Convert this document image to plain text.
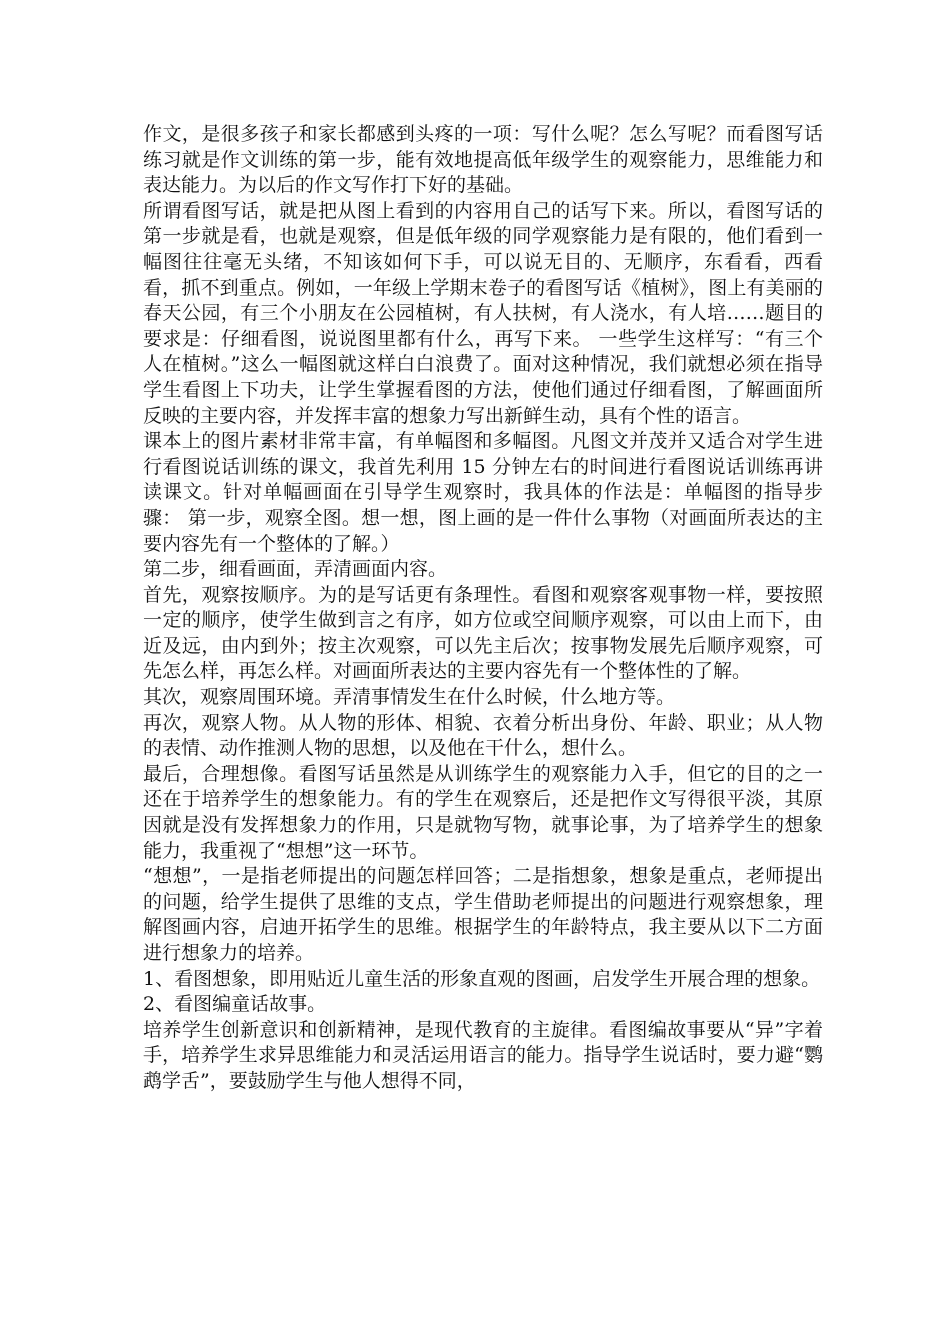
作文，是很多孩子和家长都感到头疼的一项：写什么呢？怎么写呢？而看图写话练习就是作文训练的第一步，能有效地提高低年级学生的观察能力，思维能力和表达能力。为以后的作文写作打下好的基础。

所谓看图写话，就是把从图上看到的内容用自己的话写下来。所以，看图写话的第一步就是看，也就是观察，但是低年级的同学观察能力是有限的，他们看到一幅图往往毫无头绪，不知该如何下手，可以说无目的、无顺序，东看看，西看看，抓不到重点。例如，一年级上学期末卷子的看图写话《植树》，图上有美丽的春天公园，有三个小朋友在公园植树，有人扶树，有人浇水，有人培……题目的要求是：仔细看图，说说图里都有什么，再写下来。 一些学生这样写：“有三个人在植树。”这么一幅图就这样白白浪费了。面对这种情况，我们就想必须在指导学生看图上下功夫，让学生掌握看图的方法，使他们通过仔细看图，了解画面所反映的主要内容，并发挥丰富的想象力写出新鲜生动，具有个性的语言。

课本上的图片素材非常丰富，有单幅图和多幅图。凡图文并茂并又适合对学生进行看图说话训练的课文，我首先利用 15 分钟左右的时间进行看图说话训练再讲读课文。针对单幅画面在引导学生观察时，我具体的作法是：单幅图的指导步骤： 第一步，观察全图。想一想，图上画的是一件什么事物（对画面所表达的主要内容先有一个整体的了解。）

第二步，细看画面，弄清画面内容。

首先，观察按顺序。为的是写话更有条理性。看图和观察客观事物一样，要按照一定的顺序，使学生做到言之有序，如方位或空间顺序观察，可以由上而下，由近及远，由内到外；按主次观察，可以先主后次；按事物发展先后顺序观察，可先怎么样，再怎么样。对画面所表达的主要内容先有一个整体性的了解。

其次，观察周围环境。弄清事情发生在什么时候，什么地方等。

再次，观察人物。从人物的形体、相貌、衣着分析出身份、年龄、职业；从人物的表情、动作推测人物的思想，以及他在干什么，想什么。

最后，合理想像。看图写话虽然是从训练学生的观察能力入手，但它的目的之一还在于培养学生的想象能力。有的学生在观察后，还是把作文写得很平淡，其原因就是没有发挥想象力的作用，只是就物写物，就事论事，为了培养学生的想象能力，我重视了“想想”这一环节。

“想想”，一是指老师提出的问题怎样回答；二是指想象，想象是重点，老师提出的问题，给学生提供了思维的支点，学生借助老师提出的问题进行观察想象，理解图画内容，启迪开拓学生的思维。根据学生的年龄特点，我主要从以下二方面进行想象力的培养。

1、看图想象，即用贴近儿童生活的形象直观的图画，启发学生开展合理的想象。

2、看图编童话故事。

培养学生创新意识和创新精神，是现代教育的主旋律。看图编故事要从“异”字着手，培养学生求异思维能力和灵活运用语言的能力。指导学生说话时，要力避“鹦鹉学舌”，要鼓励学生与他人想得不同，
